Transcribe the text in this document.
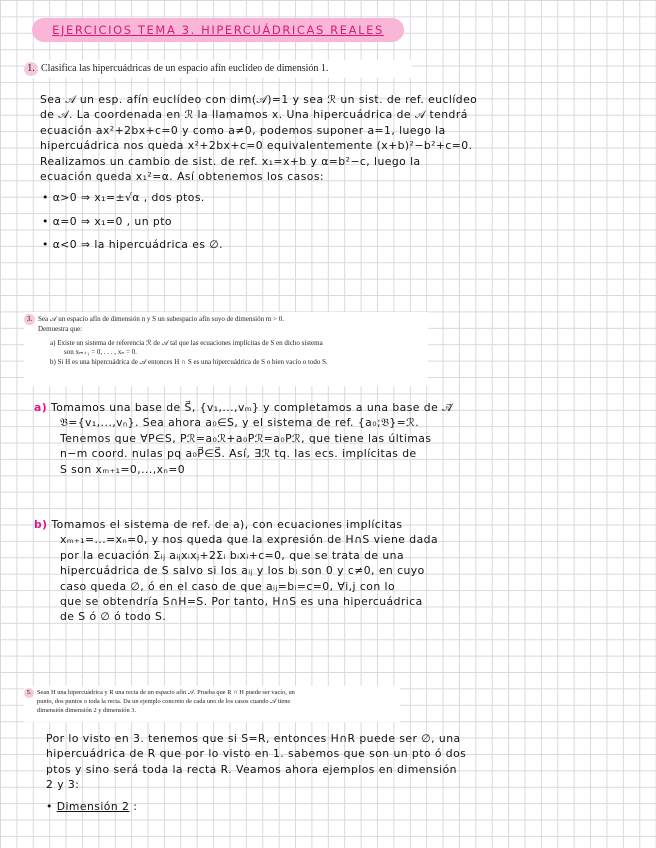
EJERCICIOS TEMA 3. HIPERCUÁDRICAS REALES
1. Clasifica las hipercuádricas de un espacio afín euclídeo de dimensión 1.

Sea 𝒜 un esp. afín euclídeo con dim(𝒜)=1 y sea ℛ un sist. de ref. euclídeo

de 𝒜. La coordenada en ℛ la llamamos x. Una hipercuádrica de 𝒜 tendrá

ecuación ax²+2bx+c=0 y como a≠0, podemos suponer a=1, luego la

hipercuádrica nos queda x²+2bx+c=0 equivalentemente (x+b)²−b²+c=0.

Realizamos un cambio de sist. de ref. x₁=x+b y α=b²−c, luego la

ecuación queda x₁²=α. Así obtenemos los casos:

• α>0 ⇒ x₁=±√α , dos ptos.

• α=0 ⇒ x₁=0 , un pto

• α<0 ⇒ la hipercuádrica es ∅.

3. Sea 𝒜 un espacio afín de dimensión n y S un subespacio afín suyo de dimensión m > 0.
Demuestra que:
a) Existe un sistema de referencia ℛ de 𝒜 tal que las ecuaciones implícitas de S en dicho sistema
son xₘ₊₁ = 0, . . . , xₙ = 0.
b) Si H es una hipercuádrica de 𝒜 entonces H ∩ S es una hipercuádrica de S o bien vacío o todo S.

a) Tomamos una base de S⃗, {v₁,...,vₘ} y completamos a una base de 𝒜⃗

𝔅={v₁,...,vₙ}. Sea ahora a₀∈S, y el sistema de ref. {a₀;𝔅}=ℛ.

Tenemos que ∀P∈S, Pℛ=a₀ℛ+a₀Pℛ=a₀Pℛ, que tiene las últimas

n−m coord. nulas pq a₀P⃗∈S⃗. Así, ∃ℛ tq. las ecs. implícitas de

S son xₘ₊₁=0,...,xₙ=0

b) Tomamos el sistema de ref. de a), con ecuaciones implícitas

xₘ₊₁=...=xₙ=0, y nos queda que la expresión de H∩S viene dada

por la ecuación Σᵢⱼ aᵢⱼxᵢxⱼ+2Σᵢ bᵢxᵢ+c=0, que se trata de una

hipercuádrica de S salvo si los aᵢⱼ y los bᵢ son 0 y c≠0, en cuyo

caso queda ∅, ó en el caso de que aᵢⱼ=bᵢ=c=0, ∀i,j con lo

que se obtendría S∩H=S. Por tanto, H∩S es una hipercuádrica

de S ó ∅ ó todo S.

5. Sean H una hipercuádrica y R una recta de un espacio afín 𝒜. Prueba que R ∩ H puede ser vacío, un
punto, dos puntos o toda la recta. Da un ejemplo concreto de cada uno de los casos cuando 𝒜 tiene
dimensión dimensión 2 y dimensión 3.

Por lo visto en 3. tenemos que si S=R, entonces H∩R puede ser ∅, una

hipercuádrica de R que por lo visto en 1. sabemos que son un pto ó dos

ptos y sino será toda la recta R. Veamos ahora ejemplos en dimensión

2 y 3:

• Dimensión 2 :
